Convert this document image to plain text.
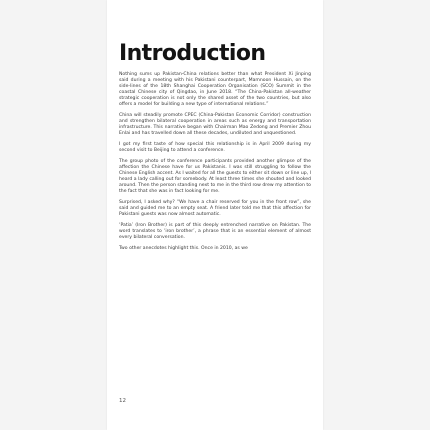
Introduction

Nothing sums up Pakistan-China relations better than what President Xi Jinping said during a meeting with his Pakistani counterpart, Mamnoon Hussain, on the side-lines of the 18th Shanghai Cooperation Organisation (SCO) Summit in the coastal Chinese city of Qingdao, in June 2018. “The China-Pakistan all-weather strategic cooperation is not only the shared asset of the two countries, but also offers a model for building a new type of international relations.”

China will steadily promote CPEC (China-Pakistan Economic Corridor) construction and strengthen bilateral cooperation in areas such as energy and transportation infrastructure. This narrative began with Chairman Mao Zedong and Premier Zhou Enlai and has travelled down all these decades, undiluted and unquestioned.

I got my first taste of how special this relationship is in April 2009 during my second visit to Beijing to attend a conference.

The group photo of the conference participants provided another glimpse of the affection the Chinese have for us Pakistanis. I was still struggling to follow the Chinese English accent. As I waited for all the guests to either sit down or line up, I heard a lady calling out for somebody. At least three times she shouted and looked around. Then the person standing next to me in the third row drew my attention to the fact that she was in fact looking for me.

Surprised, I asked why? “We have a chair reserved for you in the front row”, she said and guided me to an empty seat. A friend later told me that this affection for Pakistani guests was now almost automatic.

‘Patia’ (Iron Brother) is part of this deeply entrenched narrative on Pakistan. The word translates to ‘iron brother’, a phrase that is an essential element of almost every bilateral conversation.

Two other anecdotes highlight this. Once in 2010, as we

12
